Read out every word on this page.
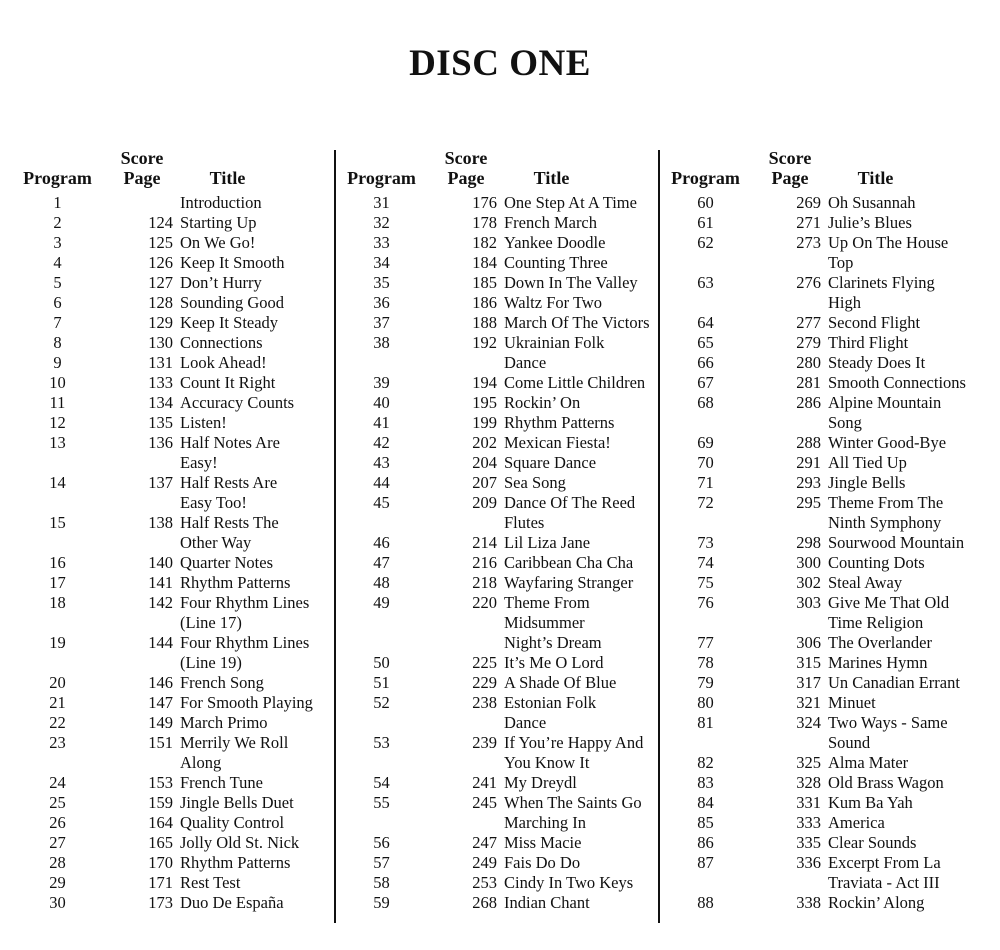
DISC ONE
Program
Score
Page	Title
1	Introduction
2	124 Starting Up
3	125 On We Go!
4	126 Keep It Smooth
5	127 Don’t Hurry
6	128 Sounding Good
7	129 Keep It Steady
8	130 Connections
9	131 Look Ahead!
10	133 Count It Right
11	134 Accuracy Counts
12	135 Listen!
13	136 Half Notes Are
Easy!
14	137 Half Rests Are
Easy Too!
15	138 Half Rests The
Other Way
16	140 Quarter Notes
17	141 Rhythm Patterns
18	142 Four Rhythm Lines
(Line 17)
19	144 Four Rhythm Lines
(Line 19)
20	146 French Song
21	147 For Smooth Playing
22	149 March Primo
23	151 Merrily We Roll
Along
24	153 French Tune
25	159 Jingle Bells Duet
26	164 Quality Control
27	165 Jolly Old St. Nick
28	170 Rhythm Patterns
29	171 Rest Test
30	173 Duo De España
Program
Score
Page	Title
31	176 One Step At A Time
32	178 French March
33	182 Yankee Doodle
34	184 Counting Three
35	185 Down In The Valley
36	186 Waltz For Two
37	188 March Of The Victors
38	192 Ukrainian Folk
Dance
39	194 Come Little Children
40	195 Rockin’ On
41	199 Rhythm Patterns
42	202 Mexican Fiesta!
43	204 Square Dance
44	207 Sea Song
45	209 Dance Of The Reed
Flutes
46	214 Lil Liza Jane
47	216 Caribbean Cha Cha
48	218 Wayfaring Stranger
49	220 Theme From
Midsummer
Night’s Dream
50	225 It’s Me O Lord
51	229 A Shade Of Blue
52	238 Estonian Folk
Dance
53	239 If You’re Happy And
You Know It
54	241 My Dreydl
55	245 When The Saints Go
Marching In
56	247 Miss Macie
57	249 Fais Do Do
58	253 Cindy In Two Keys
59	268 Indian Chant
Program
Score
Page	Title
60	269 Oh Susannah
61	271 Julie’s Blues
62	273 Up On The House
Top
63	276 Clarinets Flying
High
64	277 Second Flight
65	279 Third Flight
66	280 Steady Does It
67	281 Smooth Connections
68	286 Alpine Mountain
Song
69	288 Winter Good-Bye
70	291 All Tied Up
71	293 Jingle Bells
72	295 Theme From The
Ninth Symphony
73	298 Sourwood Mountain
74	300 Counting Dots
75	302 Steal Away
76	303 Give Me That Old
Time Religion
77	306 The Overlander
78	315 Marines Hymn
79	317 Un Canadian Errant
80	321 Minuet
81	324 Two Ways - Same
Sound
82	325 Alma Mater
83	328 Old Brass Wagon
84	331 Kum Ba Yah
85	333 America
86	335 Clear Sounds
87	336 Excerpt From La
Traviata - Act III
88	338 Rockin’ Along
